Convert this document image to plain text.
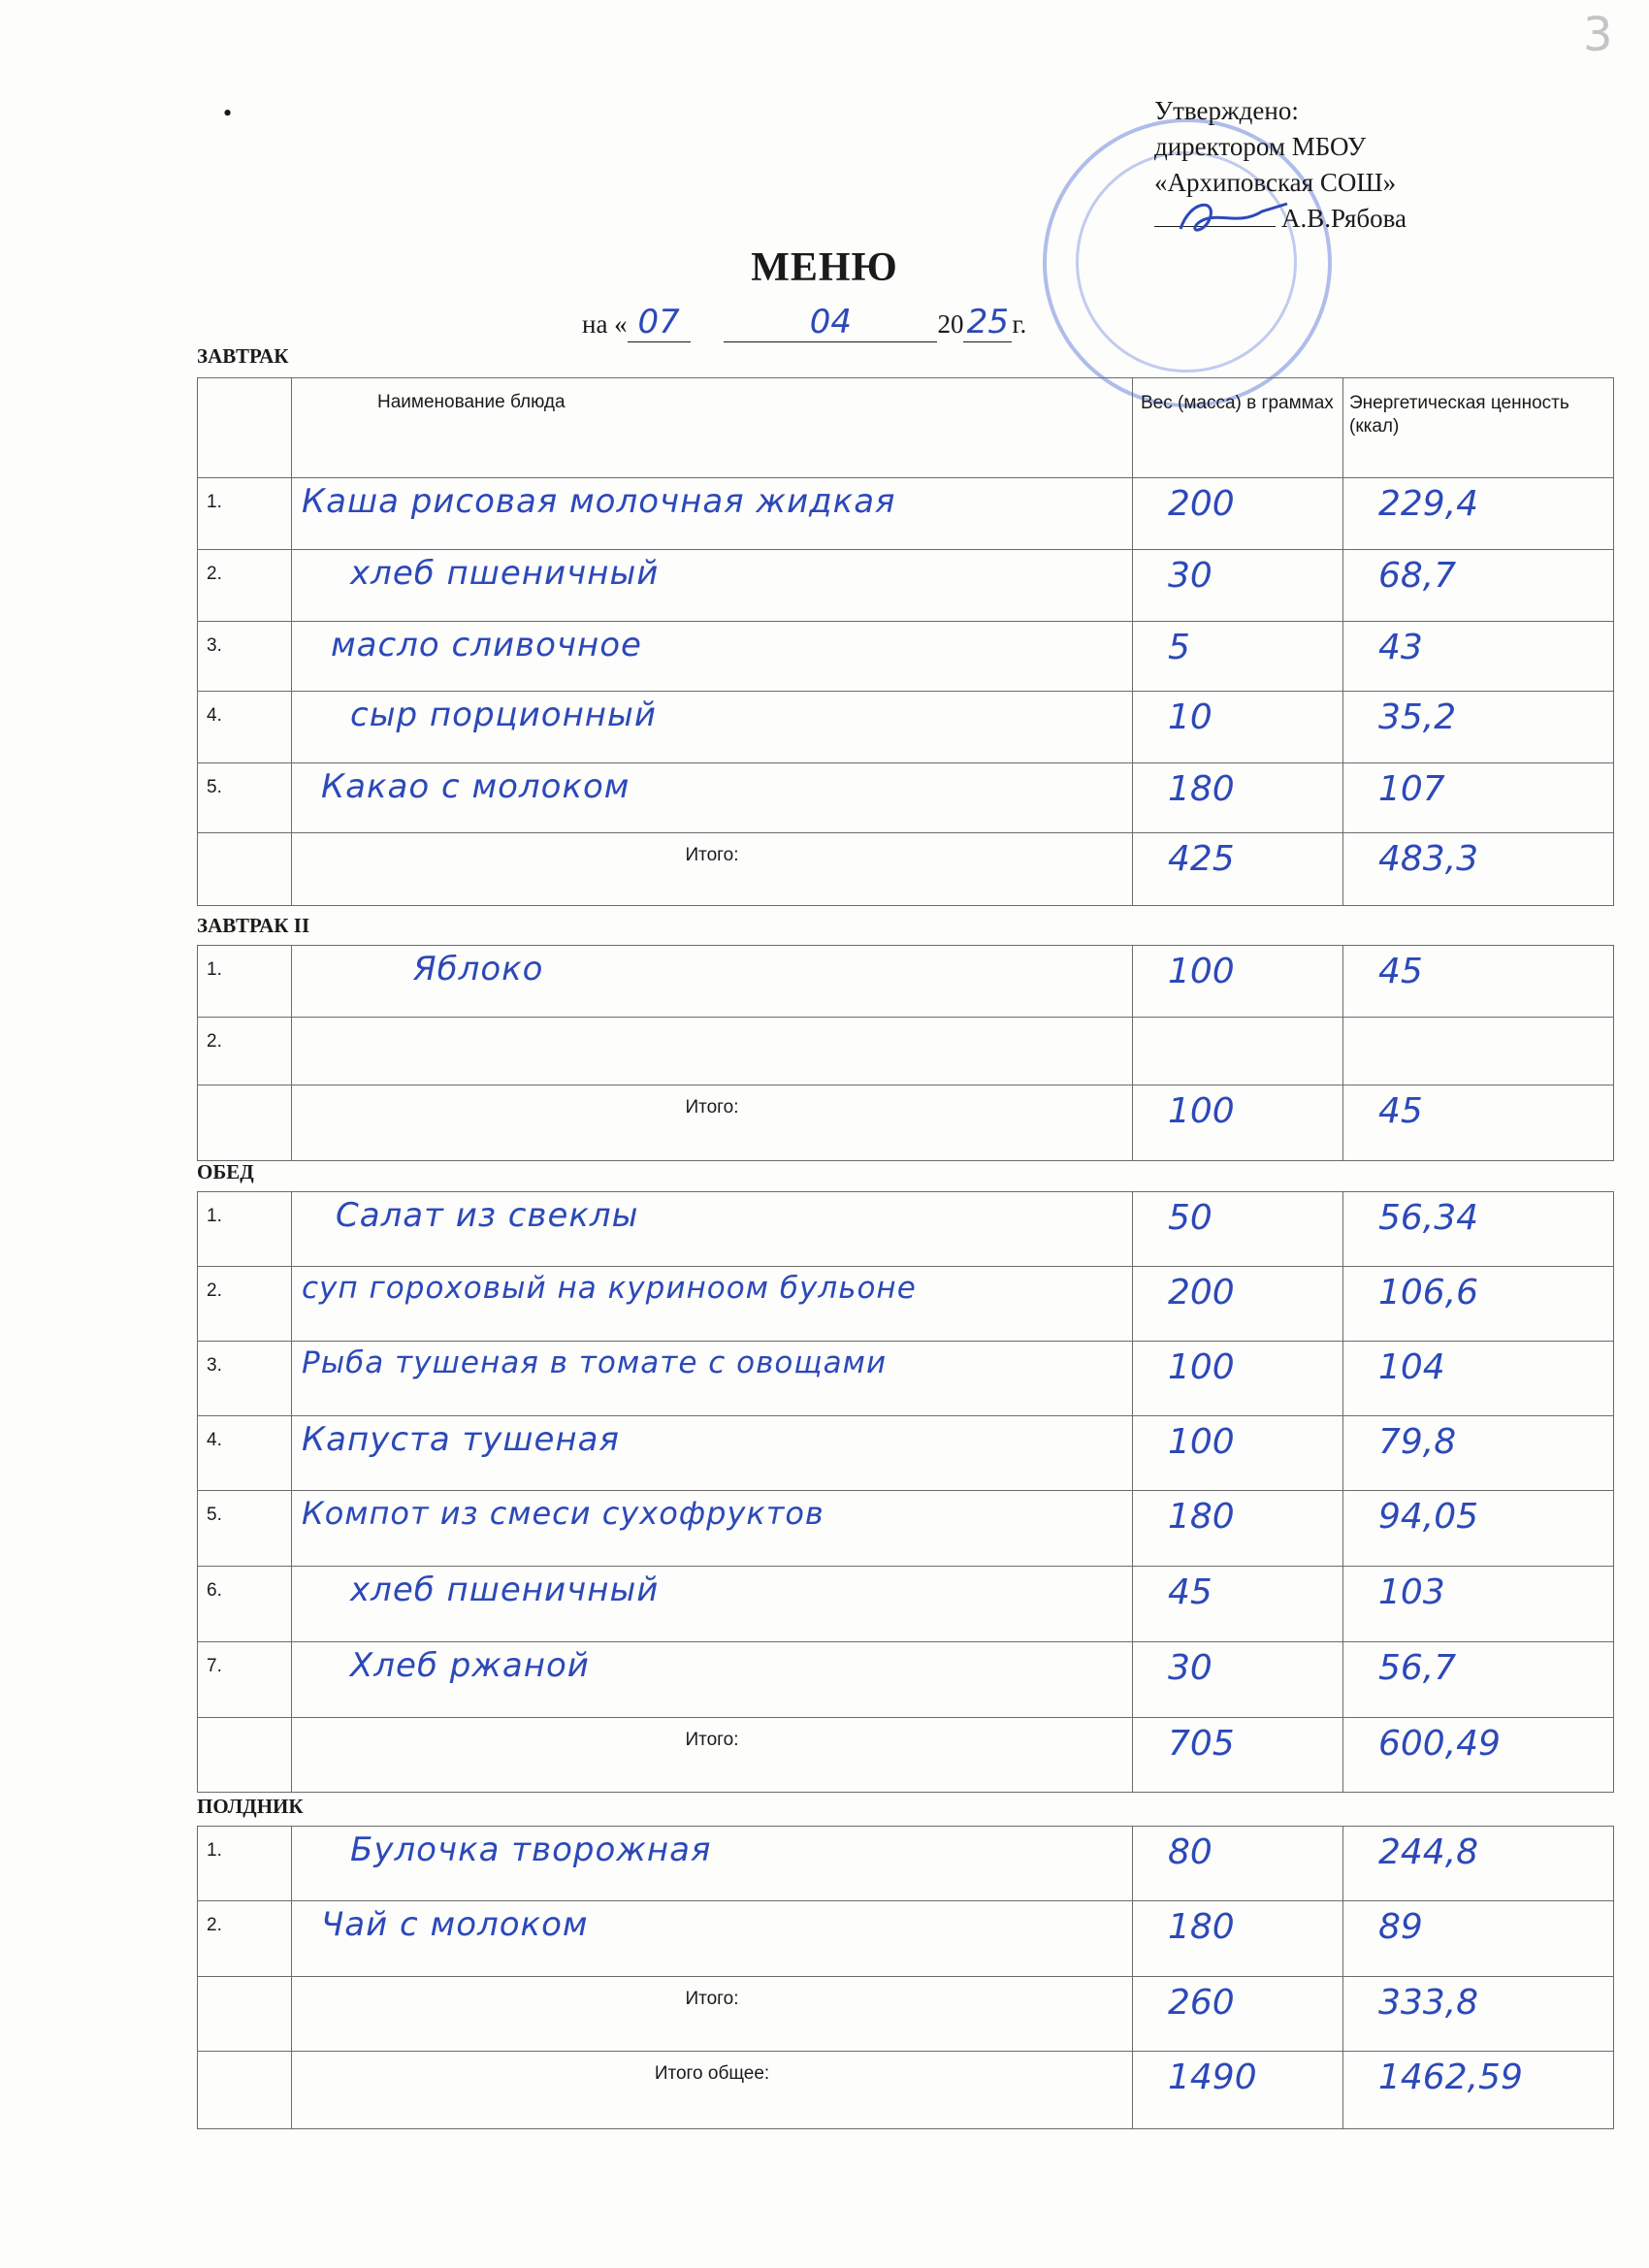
3
•	Утверждено:
директором МБОУ
«Архиповская СОШ»
А.В.Рябова
МЕНЮ
на « 07	04	2025 г.
ЗАВТРАК

	Наименование блюда	Вес (масса) в граммах	Энергетическая ценность (ккал)

1.	Каша рисовая молочная жидкая	200	229,4

2.	хлеб пшеничный	30	68,7

3.	масло сливочное	5	43

4.	сыр порционный	10	35,2

5.	Какао с молоком	180	107

	Итого:	425	483,3
ЗАВТРАК II
1.	Яблоко	100	45

2.			

	Итого:	100	45
ОБЕД
1.	Салат из свеклы	50	56,34

2.	суп гороховый на куриноом бульоне	200	106,6

3.	Рыба тушеная в томате с овощами	100	104

4.	Капуста тушеная	100	79,8

5.	Компот из смеси сухофруктов	180	94,05

6.	хлеб пшеничный	45	103

7.	Хлеб ржаной	30	56,7

	Итого:	705	600,49
ПОЛДНИК
1.	Булочка творожная	80	244,8

2.	Чай с молоком	180	89

	Итого:	260	333,8

	Итого общее:	1490	1462,59
